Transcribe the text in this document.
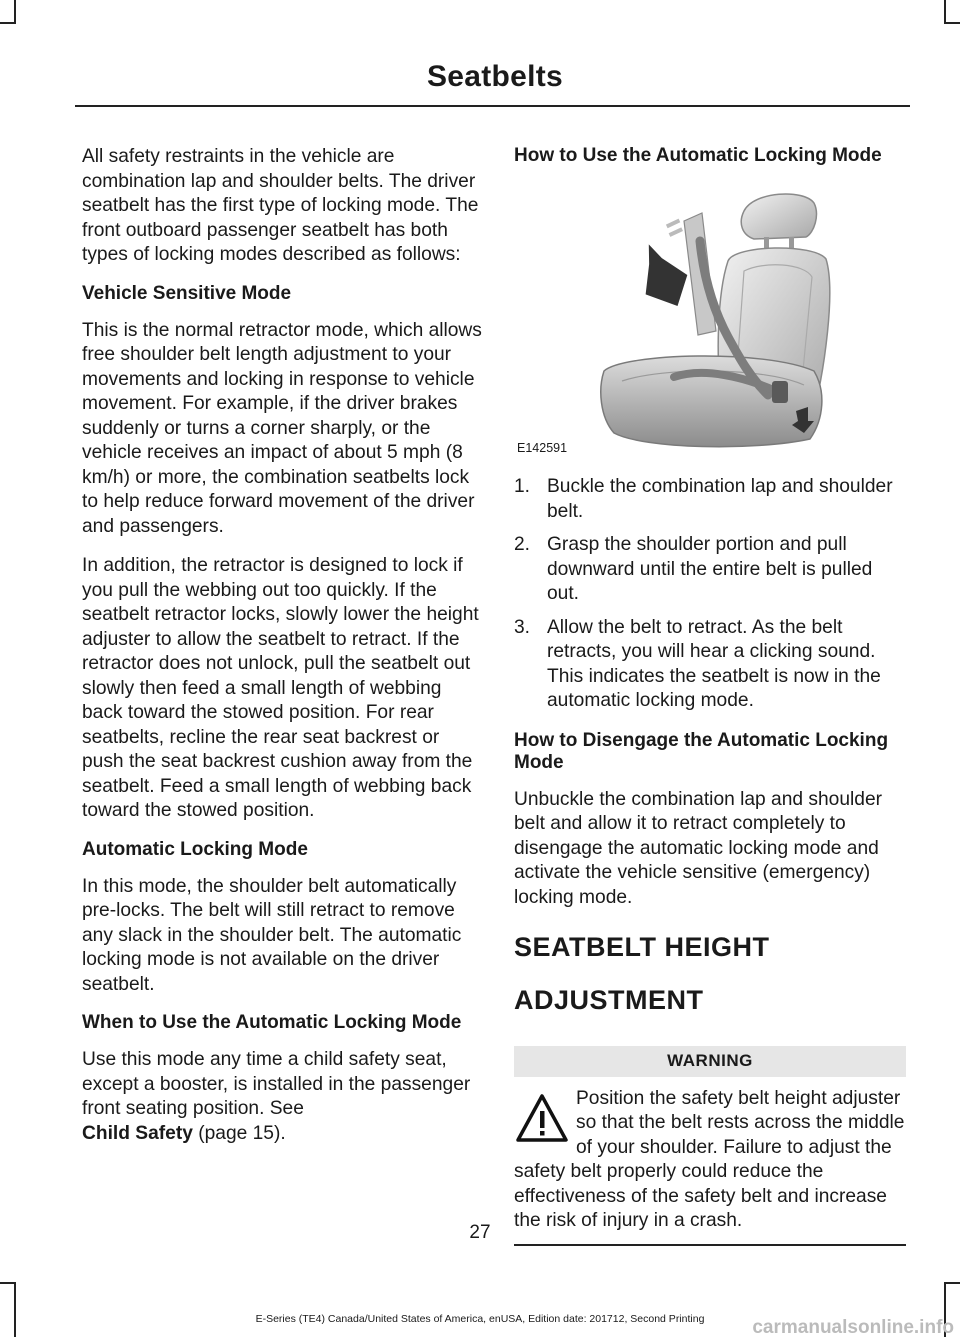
Seatbelts

All safety restraints in the vehicle are combination lap and shoulder belts. The driver seatbelt has the first type of locking mode. The front outboard passenger seatbelt has both types of locking modes described as follows:

Vehicle Sensitive Mode

This is the normal retractor mode, which allows free shoulder belt length adjustment to your movements and locking in response to vehicle movement. For example, if the driver brakes suddenly or turns a corner sharply, or the vehicle receives an impact of about 5 mph (8 km/h) or more, the combination seatbelts lock to help reduce forward movement of the driver and passengers.

In addition, the retractor is designed to lock if you pull the webbing out too quickly. If the seatbelt retractor locks, slowly lower the height adjuster to allow the seatbelt to retract. If the retractor does not unlock, pull the seatbelt out slowly then feed a small length of webbing back toward the stowed position. For rear seatbelts, recline the rear seat backrest or push the seat backrest cushion away from the seatbelt. Feed a small length of webbing back toward the stowed position.

Automatic Locking Mode

In this mode, the shoulder belt automatically pre-locks. The belt will still retract to remove any slack in the shoulder belt. The automatic locking mode is not available on the driver seatbelt.

When to Use the Automatic Locking Mode

Use this mode any time a child safety seat, except a booster, is installed in the passenger front seating position. See
Child Safety (page 15).

How to Use the Automatic Locking Mode
E142591
1. Buckle the combination lap and shoulder belt.
2. Grasp the shoulder portion and pull downward until the entire belt is pulled out.
3. Allow the belt to retract. As the belt retracts, you will hear a clicking sound. This indicates the seatbelt is now in the automatic locking mode.
How to Disengage the Automatic Locking Mode

Unbuckle the combination lap and shoulder belt and allow it to retract completely to disengage the automatic locking mode and activate the vehicle sensitive (emergency) locking mode.

SEATBELT HEIGHT
ADJUSTMENT
WARNING
Position the safety belt height adjuster so that the belt rests across the middle of your shoulder. Failure to adjust the safety belt properly could reduce the effectiveness of the safety belt and increase the risk of injury in a crash.
27
E-Series (TE4) Canada/United States of America, enUSA, Edition date: 201712, Second Printing	carmanualsonline.info
